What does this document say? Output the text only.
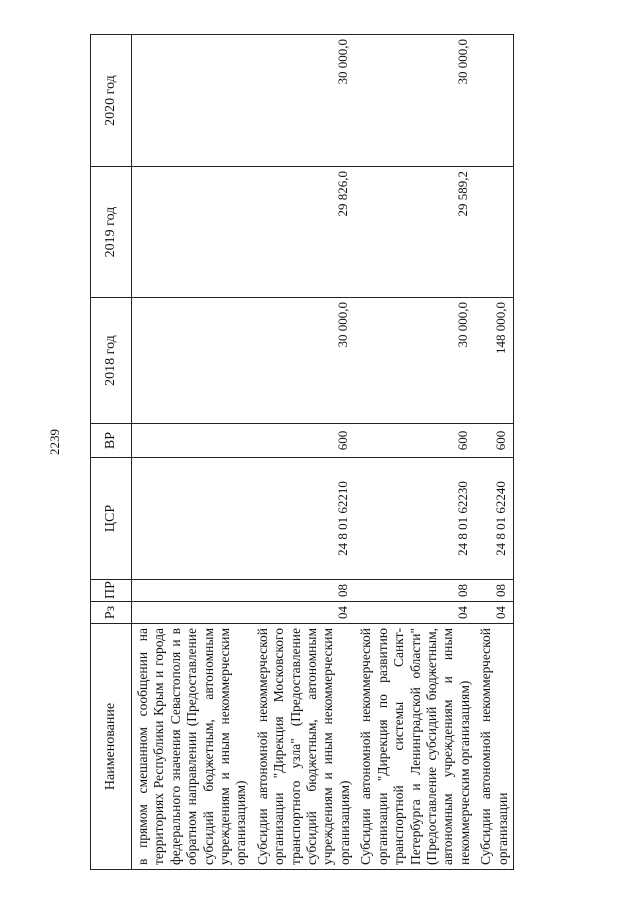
2239
Наименование	Рз	ПР	ЦСР	ВР	2018 год	2019 год	2020 год
в прямом смешанном сообщении на территориях Республики Крым и города федерального значения Севастополя и в обратном направлении (Предоставление субсидий бюджетным, автономным учреждениям и иным некоммерческим организациям)							
Субсидии автономной некоммерческой организации "Дирекция Московского транспортного узла" (Предоставление субсидий бюджетным, автономным учреждениям и иным некоммерческим организациям)	04	08	24 8 01 62210	600	30 000,0	29 826,0	30 000,0
Субсидии автономной некоммерческой организации "Дирекция по развитию транспортной системы Санкт-Петербурга и Ленинградской области" (Предоставление субсидий бюджетным, автономным учреждениям и иным некоммерческим организациям)	04	08	24 8 01 62230	600	30 000,0	29 589,2	30 000,0
Субсидии автономной некоммерческой организации	04	08	24 8 01 62240	600	148 000,0		
